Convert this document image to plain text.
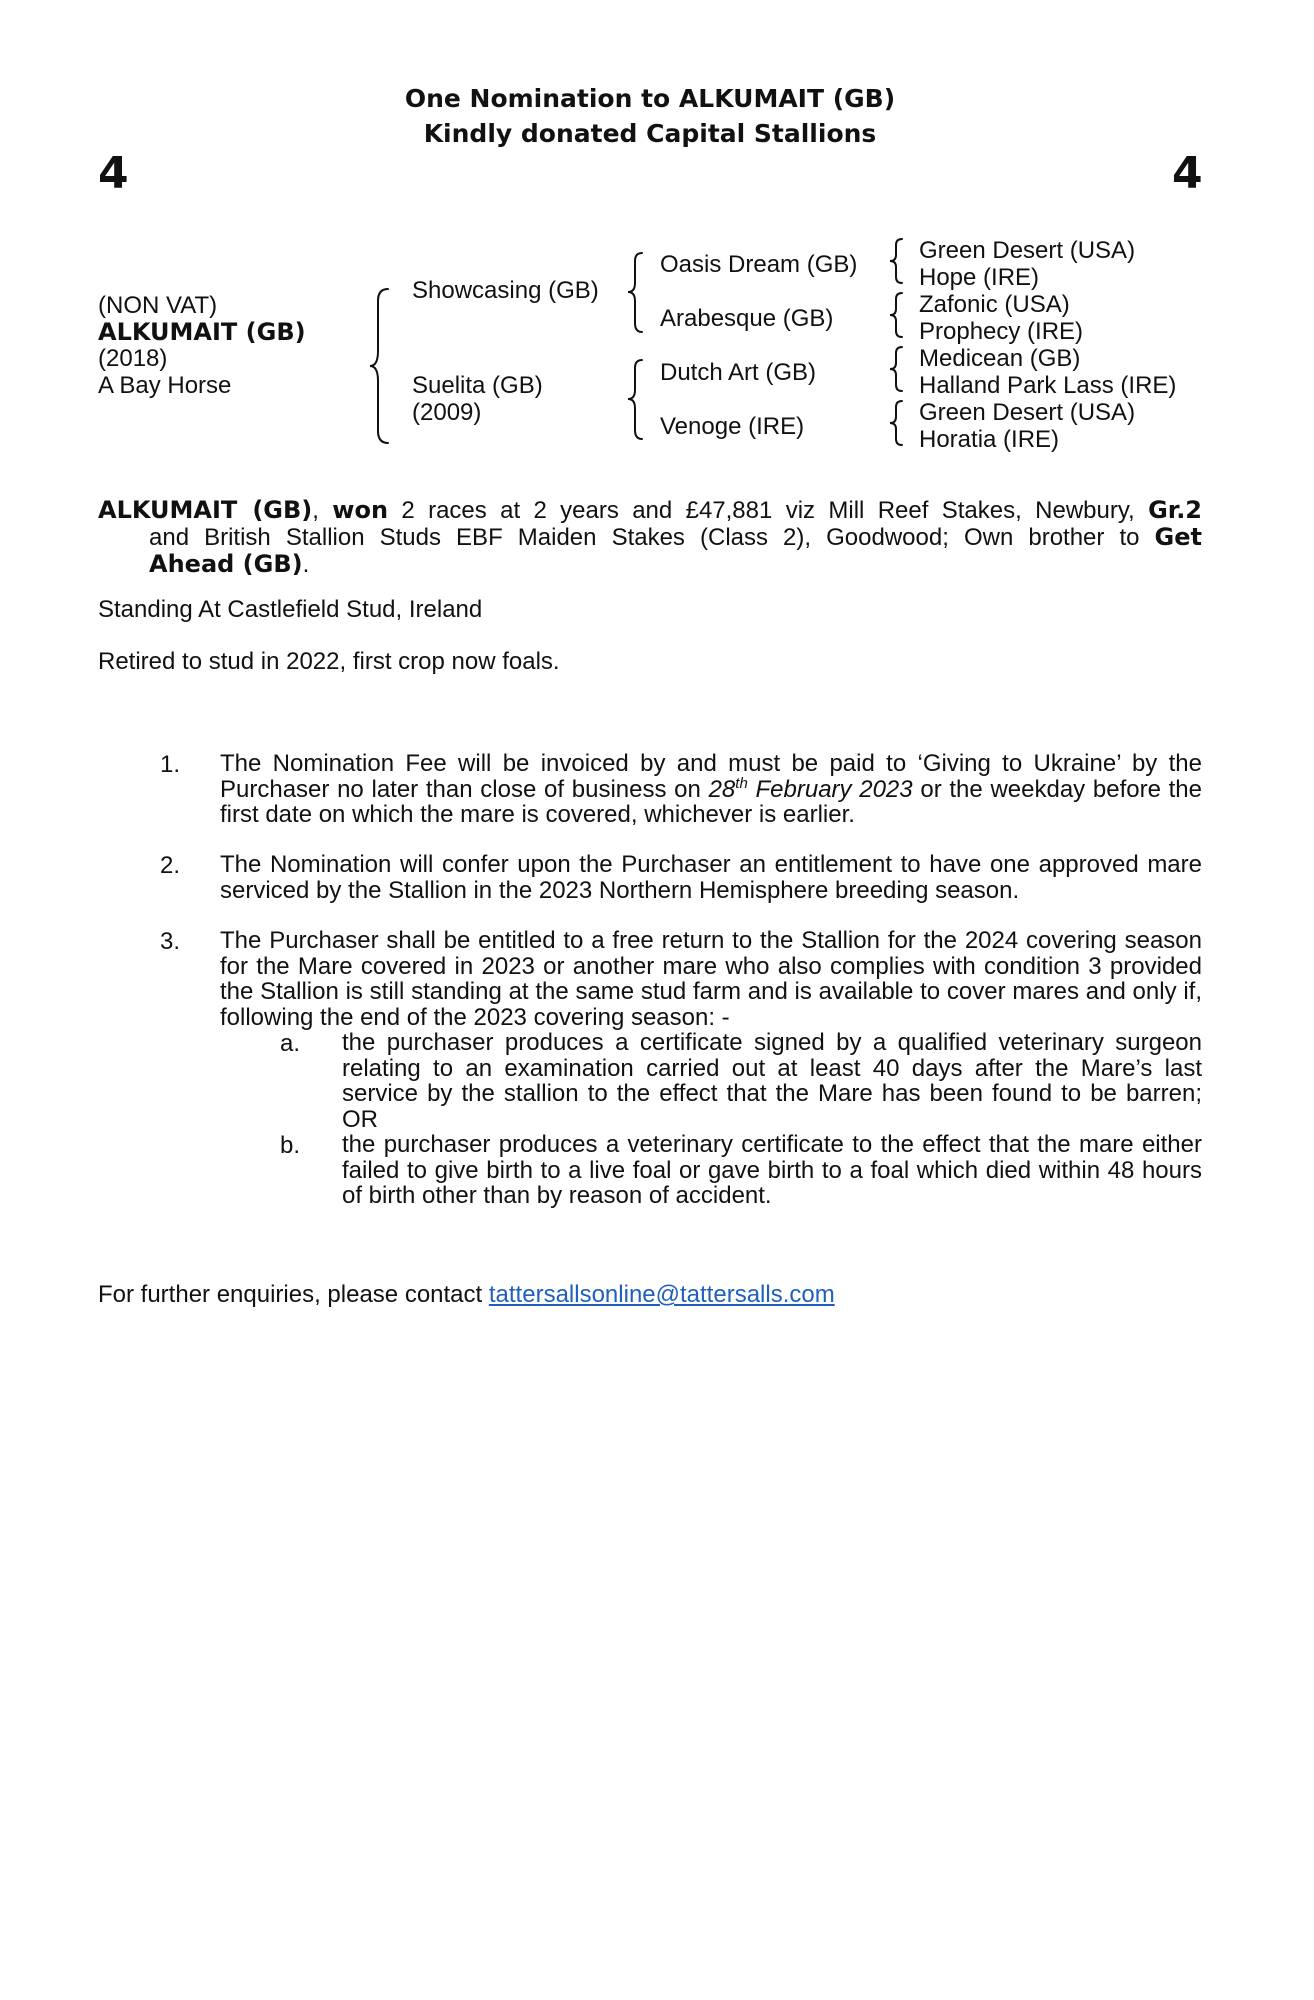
One Nomination to ALKUMAIT (GB)
Kindly donated Capital Stallions
4	4
(NON VAT)
ALKUMAIT (GB)
(2018)
A Bay Horse
Showcasing (GB)
Suelita (GB)
(2009)
Oasis Dream (GB)
Arabesque (GB)
Dutch Art (GB)
Venoge (IRE)
Green Desert (USA)
Hope (IRE)
Zafonic (USA)
Prophecy (IRE)
Medicean (GB)
Halland Park Lass (IRE)
Green Desert (USA)
Horatia (IRE)
ALKUMAIT (GB), won 2 races at 2 years and £47,881 viz Mill Reef Stakes, Newbury, Gr.2
and British Stallion Studs EBF Maiden Stakes (Class 2), Goodwood; Own brother to Get
Ahead (GB).
Standing At Castlefield Stud, Ireland
Retired to stud in 2022, first crop now foals.
1. The Nomination Fee will be invoiced by and must be paid to ‘Giving to Ukraine’ by the Purchaser no later than close of business on 28th February 2023 or the weekday before the first date on which the mare is covered, whichever is earlier.
2. The Nomination will confer upon the Purchaser an entitlement to have one approved mare serviced by the Stallion in the 2023 Northern Hemisphere breeding season.
3. The Purchaser shall be entitled to a free return to the Stallion for the 2024 covering season for the Mare covered in 2023 or another mare who also complies with condition 3 provided the Stallion is still standing at the same stud farm and is available to cover mares and only if, following the end of the 2023 covering season: -
a. the purchaser produces a certificate signed by a qualified veterinary surgeon relating to an examination carried out at least 40 days after the Mare’s last service by the stallion to the effect that the Mare has been found to be barren; OR
b. the purchaser produces a veterinary certificate to the effect that the mare either failed to give birth to a live foal or gave birth to a foal which died within 48 hours of birth other than by reason of accident.
For further enquiries, please contact tattersallsonline@tattersalls.com
